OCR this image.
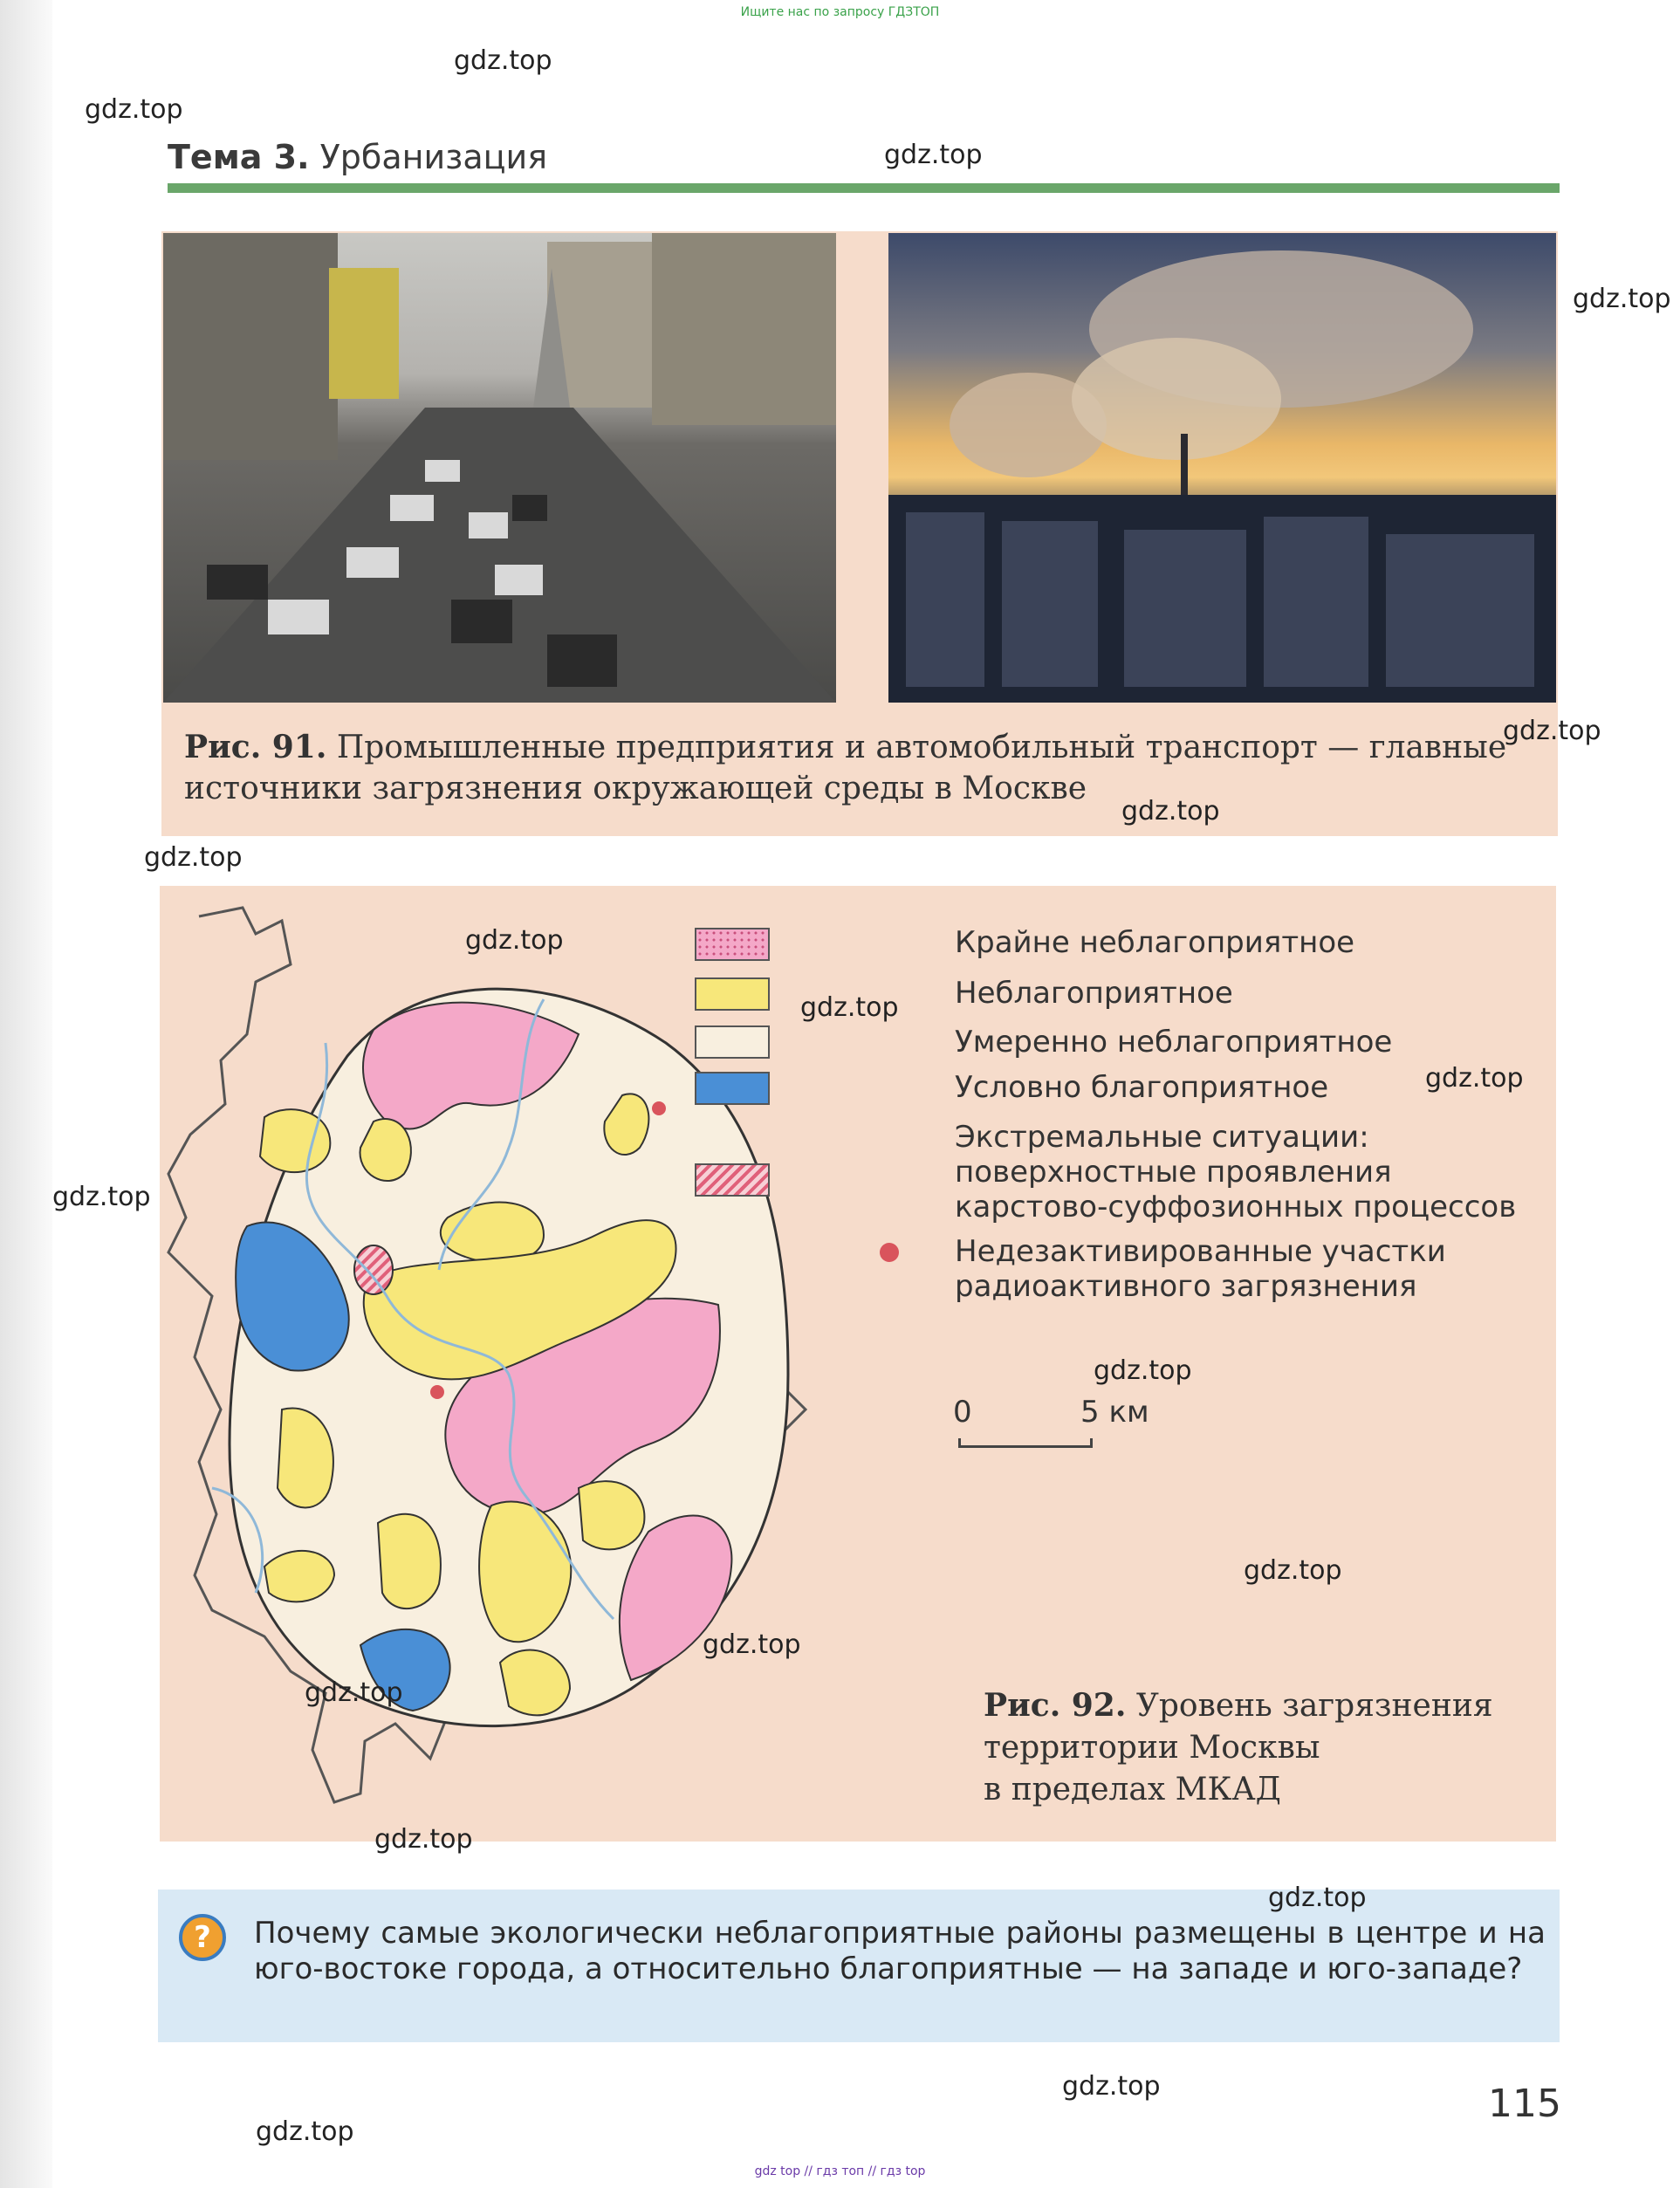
Ищите нас по запросу ГДЗТОП
Тема 3. Урбанизация
Рис. 91. Промышленные предприятия и автомобильный транспорт — главные источники загрязнения окружающей среды в Москве
Крайне неблагоприятное
Неблагоприятное
Умеренно неблагоприятное
Условно благоприятное
Экстремальные ситуации:
поверхностные проявления
карстово-суффозионных процессов
Недезактивированные участки
радиоактивного загрязнения
0	5 км
Рис. 92. Уровень загрязнения
территории Москвы
в пределах МКАД
?	Почему самые экологически неблагоприятные районы размещены в центре и на юго-востоке города, а относительно благоприятные — на западе и юго-западе?
115
gdz.top
gdz.top
gdz.top
gdz.top
gdz.top
gdz.top
gdz.top
gdz.top
gdz.top
gdz.top
gdz.top
gdz.top
gdz.top
gdz.top
gdz.top
gdz.top
gdz.top
gdz.top
gdz.top
gdz top // гдз топ // гдз top
